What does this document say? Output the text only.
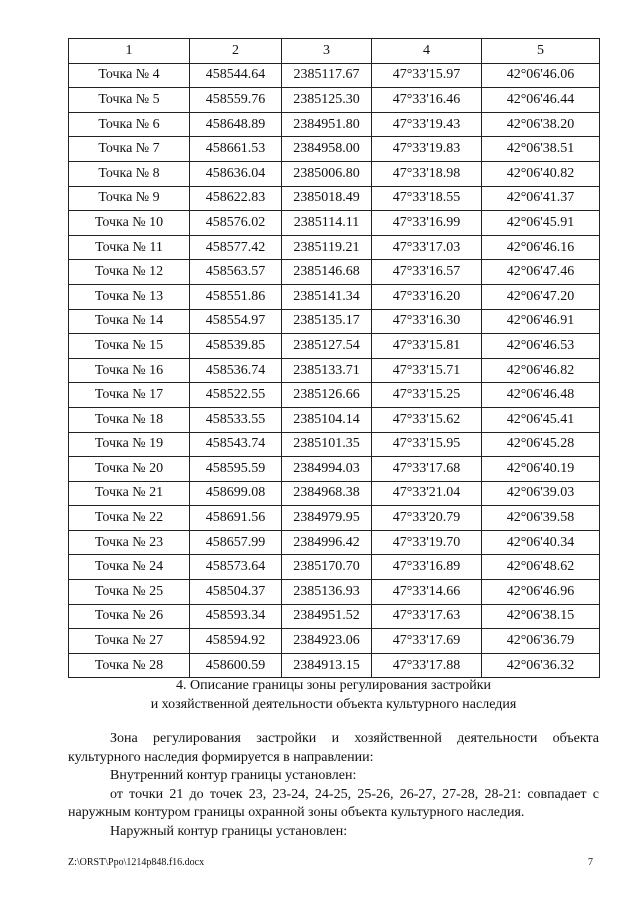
1	2	3	4	5
Точка № 4	458544.64	2385117.67	47°33'15.97	42°06'46.06
Точка № 5	458559.76	2385125.30	47°33'16.46	42°06'46.44
Точка № 6	458648.89	2384951.80	47°33'19.43	42°06'38.20
Точка № 7	458661.53	2384958.00	47°33'19.83	42°06'38.51
Точка № 8	458636.04	2385006.80	47°33'18.98	42°06'40.82
Точка № 9	458622.83	2385018.49	47°33'18.55	42°06'41.37
Точка № 10	458576.02	2385114.11	47°33'16.99	42°06'45.91
Точка № 11	458577.42	2385119.21	47°33'17.03	42°06'46.16
Точка № 12	458563.57	2385146.68	47°33'16.57	42°06'47.46
Точка № 13	458551.86	2385141.34	47°33'16.20	42°06'47.20
Точка № 14	458554.97	2385135.17	47°33'16.30	42°06'46.91
Точка № 15	458539.85	2385127.54	47°33'15.81	42°06'46.53
Точка № 16	458536.74	2385133.71	47°33'15.71	42°06'46.82
Точка № 17	458522.55	2385126.66	47°33'15.25	42°06'46.48
Точка № 18	458533.55	2385104.14	47°33'15.62	42°06'45.41
Точка № 19	458543.74	2385101.35	47°33'15.95	42°06'45.28
Точка № 20	458595.59	2384994.03	47°33'17.68	42°06'40.19
Точка № 21	458699.08	2384968.38	47°33'21.04	42°06'39.03
Точка № 22	458691.56	2384979.95	47°33'20.79	42°06'39.58
Точка № 23	458657.99	2384996.42	47°33'19.70	42°06'40.34
Точка № 24	458573.64	2385170.70	47°33'16.89	42°06'48.62
Точка № 25	458504.37	2385136.93	47°33'14.66	42°06'46.96
Точка № 26	458593.34	2384951.52	47°33'17.63	42°06'38.15
Точка № 27	458594.92	2384923.06	47°33'17.69	42°06'36.79
Точка № 28	458600.59	2384913.15	47°33'17.88	42°06'36.32
4. Описание границы зоны регулирования застройки
и хозяйственной деятельности объекта культурного наследия

Зона регулирования застройки и хозяйственной деятельности объекта культурного наследия формируется в направлении:

Внутренний контур границы установлен:

от точки 21 до точек 23, 23-24, 24-25, 25-26, 26-27, 27-28, 28-21: совпадает с наружным контуром границы охранной зоны объекта культурного наследия.

Наружный контур границы установлен:

Z:\ORST\Ppo\1214p848.f16.docx	7
